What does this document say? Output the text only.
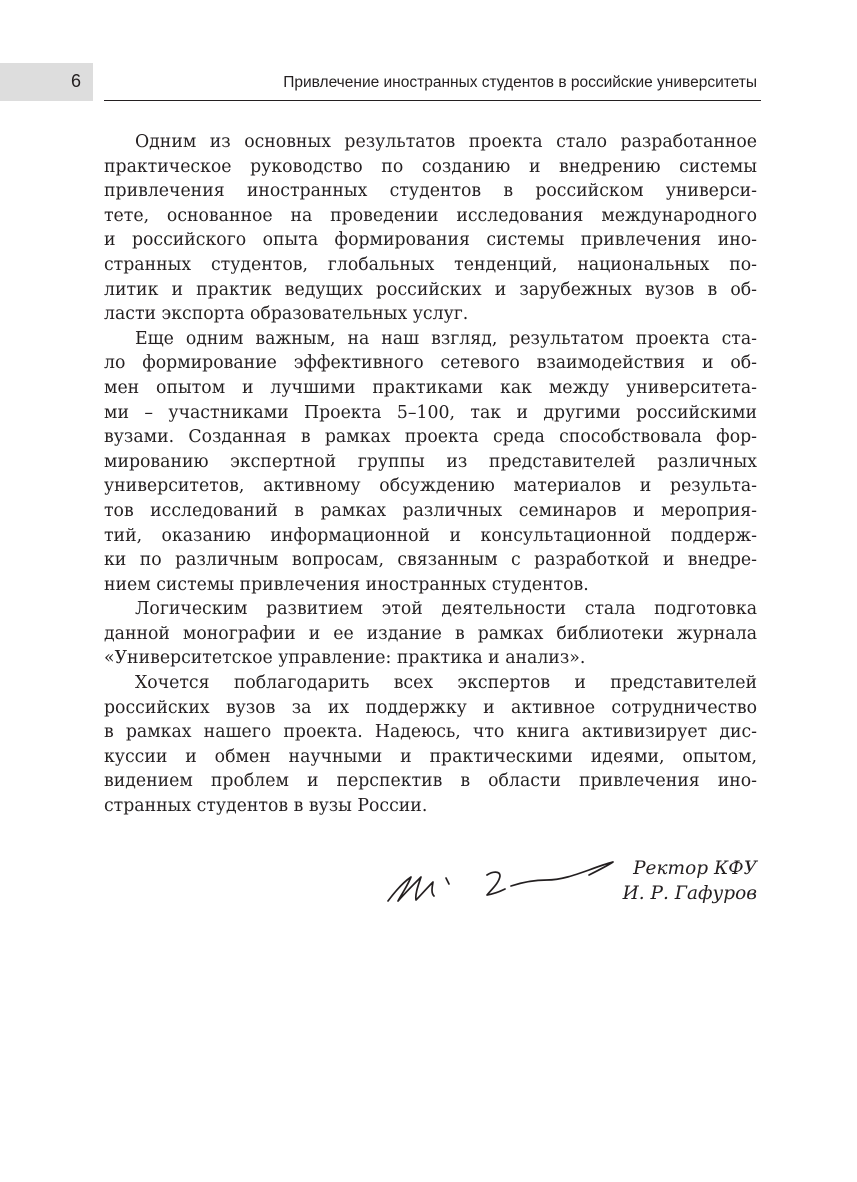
6	Привлечение иностранных студентов в российские университеты
Одним из основных результатов проекта стало разработанное
практическое руководство по созданию и внедрению системы
привлечения иностранных студентов в российском универси-
тете, основанное на проведении исследования международного
и российского опыта формирования системы привлечения ино-
странных студентов, глобальных тенденций, национальных по-
литик и практик ведущих российских и зарубежных вузов в об-
ласти экспорта образовательных услуг.
Еще одним важным, на наш взгляд, результатом проекта ста-
ло формирование эффективного сетевого взаимодействия и об-
мен опытом и лучшими практиками как между университета-
ми – участниками Проекта 5–100, так и другими российскими
вузами. Созданная в рамках проекта среда способствовала фор-
мированию экспертной группы из представителей различных
университетов, активному обсуждению материалов и результа-
тов исследований в рамках различных семинаров и мероприя-
тий, оказанию информационной и консультационной поддерж-
ки по различным вопросам, связанным с разработкой и внедре-
нием системы привлечения иностранных студентов.
Логическим развитием этой деятельности стала подготовка
данной монографии и ее издание в рамках библиотеки журнала
«Университетское управление: практика и анализ».
Хочется поблагодарить всех экспертов и представителей
российских вузов за их поддержку и активное сотрудничество
в рамках нашего проекта. Надеюсь, что книга активизирует дис-
куссии и обмен научными и практическими идеями, опытом,
видением проблем и перспектив в области привлечения ино-
странных студентов в вузы России.
Ректор КФУ
И. Р. Гафуров
